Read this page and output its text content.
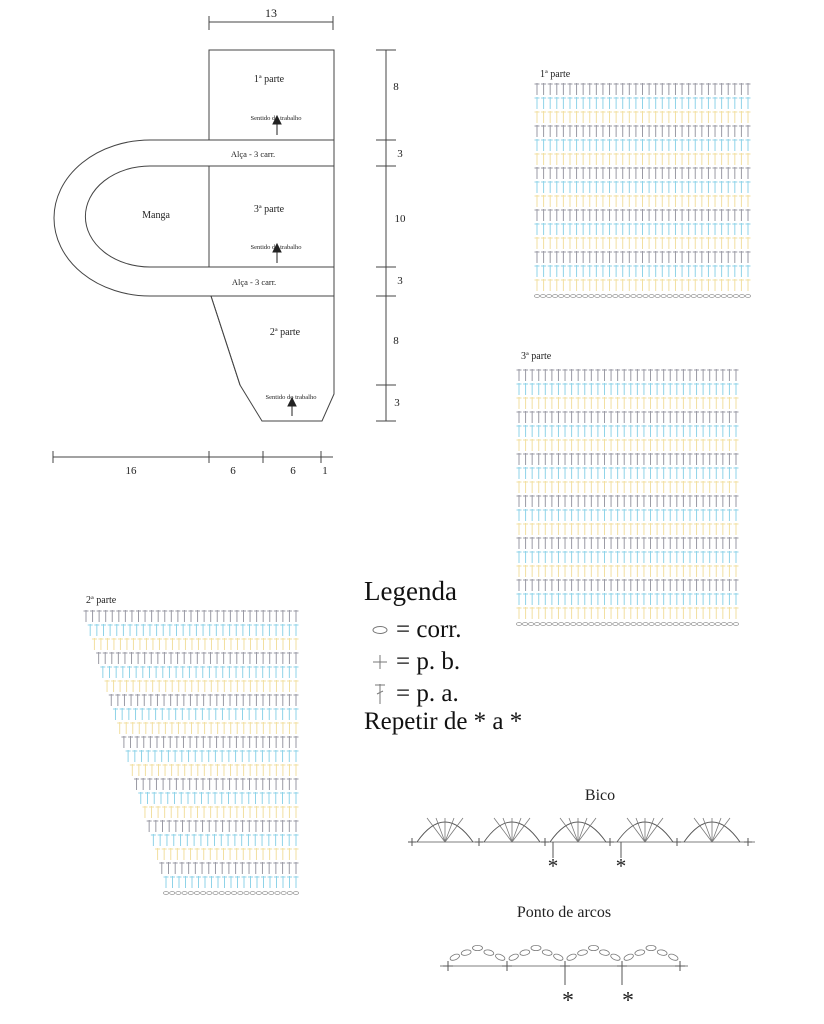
13
1ª parte
Sentido do trabalho
Alça - 3 carr.
Manga
3ª parte
Sentido do trabalho
Alça - 3 carr.
2ª parte
Sentido do trabalho
8
3
10
3
8
3
16	6	6 1
1ª parte
3ª parte
2ª parte
Bico
*	*
Ponto de arcos
* *
Legenda
= corr.
= p. b.
= p. a.
Repetir de * a *
